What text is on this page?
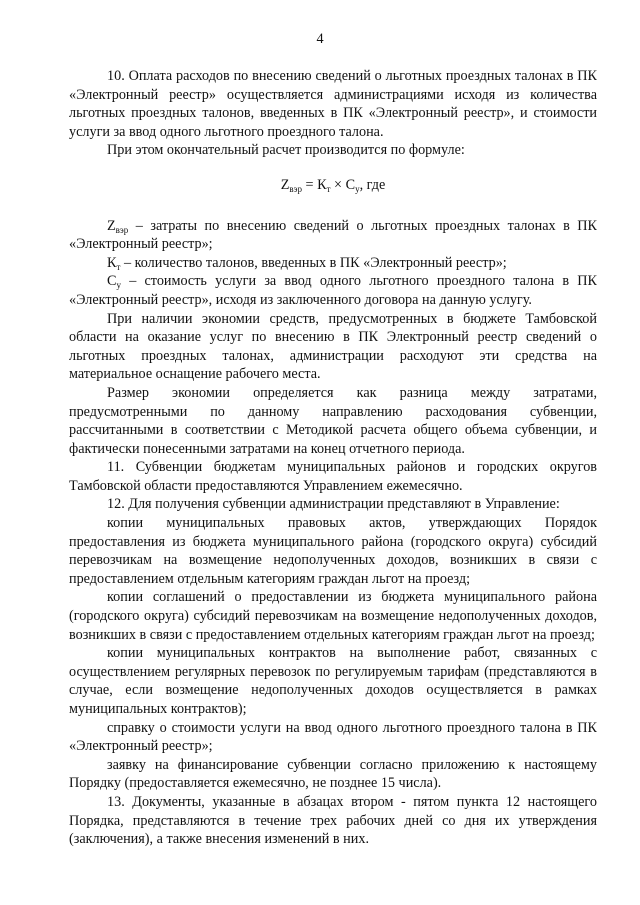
4

10. Оплата расходов по внесению сведений о льготных проездных талонах в ПК «Электронный реестр» осуществляется администрациями исходя из количества льготных проездных талонов, введенных в ПК «Электронный реестр», и стоимости услуги за ввод одного льготного проездного талона.

При этом окончательный расчет производится по формуле:

$Z_{вэр} = К_т \times С_у$, где

$Z_{вэр}$ – затраты по внесению сведений о льготных проездных талонах в ПК «Электронный реестр»;

$К_т$ – количество талонов, введенных в ПК «Электронный реестр»;

$С_у$ – стоимость услуги за ввод одного льготного проездного талона в ПК «Электронный реестр», исходя из заключенного договора на данную услугу.

При наличии экономии средств, предусмотренных в бюджете Тамбовской области на оказание услуг по внесению в ПК Электронный реестр сведений о льготных проездных талонах, администрации расходуют эти средства на материальное оснащение рабочего места.

Размер экономии определяется как разница между затратами, предусмотренными по данному направлению расходования субвенции, рассчитанными в соответствии с Методикой расчета общего объема субвенции, и фактически понесенными затратами на конец отчетного периода.

11. Субвенции бюджетам муниципальных районов и городских округов Тамбовской области предоставляются Управлением ежемесячно.

12. Для получения субвенции администрации представляют в Управление:

копии муниципальных правовых актов, утверждающих Порядок предоставления из бюджета муниципального района (городского округа) субсидий перевозчикам на возмещение недополученных доходов, возникших в связи с предоставлением отдельным категориям граждан льгот на проезд;

копии соглашений о предоставлении из бюджета муниципального района (городского округа) субсидий перевозчикам на возмещение недополученных доходов, возникших в связи с предоставлением отдельных категориям граждан льгот на проезд;

копии муниципальных контрактов на выполнение работ, связанных с осуществлением регулярных перевозок по регулируемым тарифам (представляются в случае, если возмещение недополученных доходов осуществляется в рамках муниципальных контрактов);

справку о стоимости услуги на ввод одного льготного проездного талона в ПК «Электронный реестр»;

заявку на финансирование субвенции согласно приложению к настоящему Порядку (предоставляется ежемесячно, не позднее 15 числа).

13. Документы, указанные в абзацах втором - пятом пункта 12 настоящего Порядка, представляются в течение трех рабочих дней со дня их утверждения (заключения), а также внесения изменений в них.
